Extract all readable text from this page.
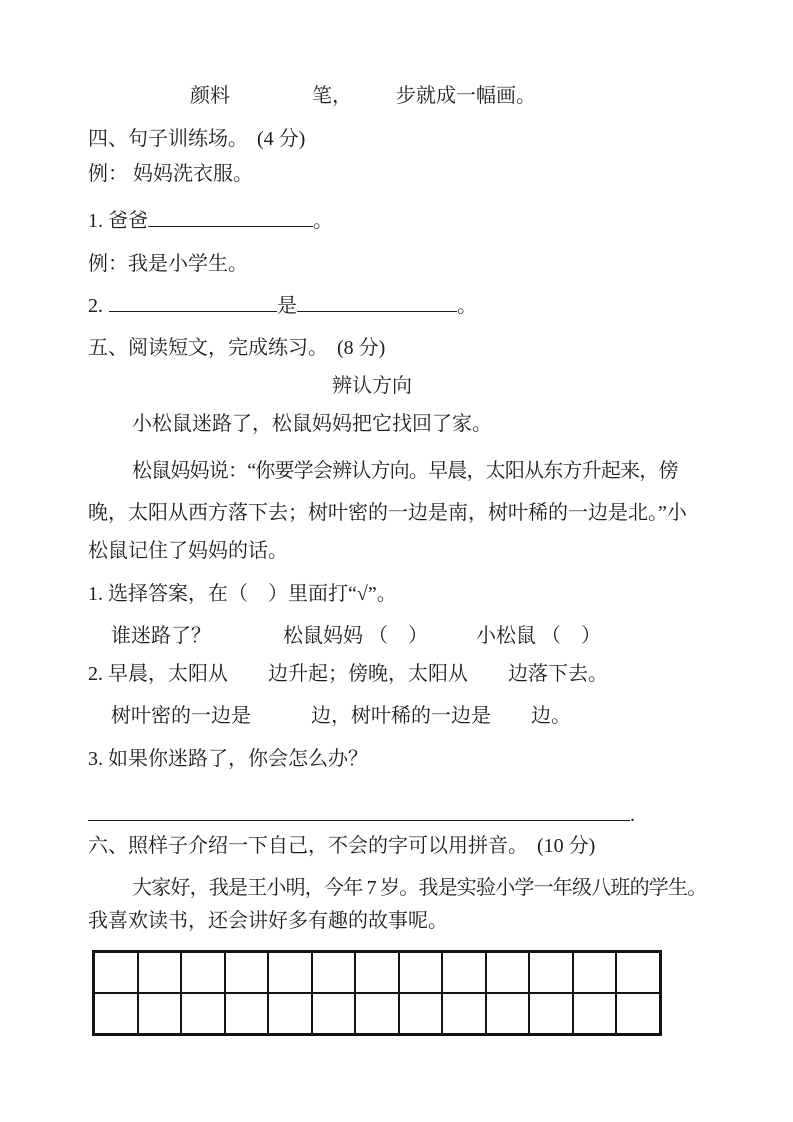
颜料	笔， 步就成一幅画。
四、句子训练场。 (4 分)
例： 妈妈洗衣服。
1. 爸爸	。
例：我是小学生。
2.	是	。
五、阅读短文，完成练习。 (8 分)
辨认方向
小松鼠迷路了，松鼠妈妈把它找回了家。
松鼠妈妈说：“你要学会辨认方向。早晨，太阳从东方升起来，傍
晚，太阳从西方落下去；树叶密的一边是南，树叶稀的一边是北。”小
松鼠记住了妈妈的话。
1. 选择答案，在（　）里面打“√”。
谁迷路了？	松鼠妈妈 （　） 小松鼠 （　）
2. 早晨，太阳从　　边升起；傍晚，太阳从　　边落下去。
树叶密的一边是　　　边，树叶稀的一边是　　边。
3. 如果你迷路了，你会怎么办？
.
六、照样子介绍一下自己，不会的字可以用拼音。 (10 分)
大家好，我是王小明，今年 7 岁。我是实验小学一年级八班的学生。
我喜欢读书，还会讲好多有趣的故事呢。
